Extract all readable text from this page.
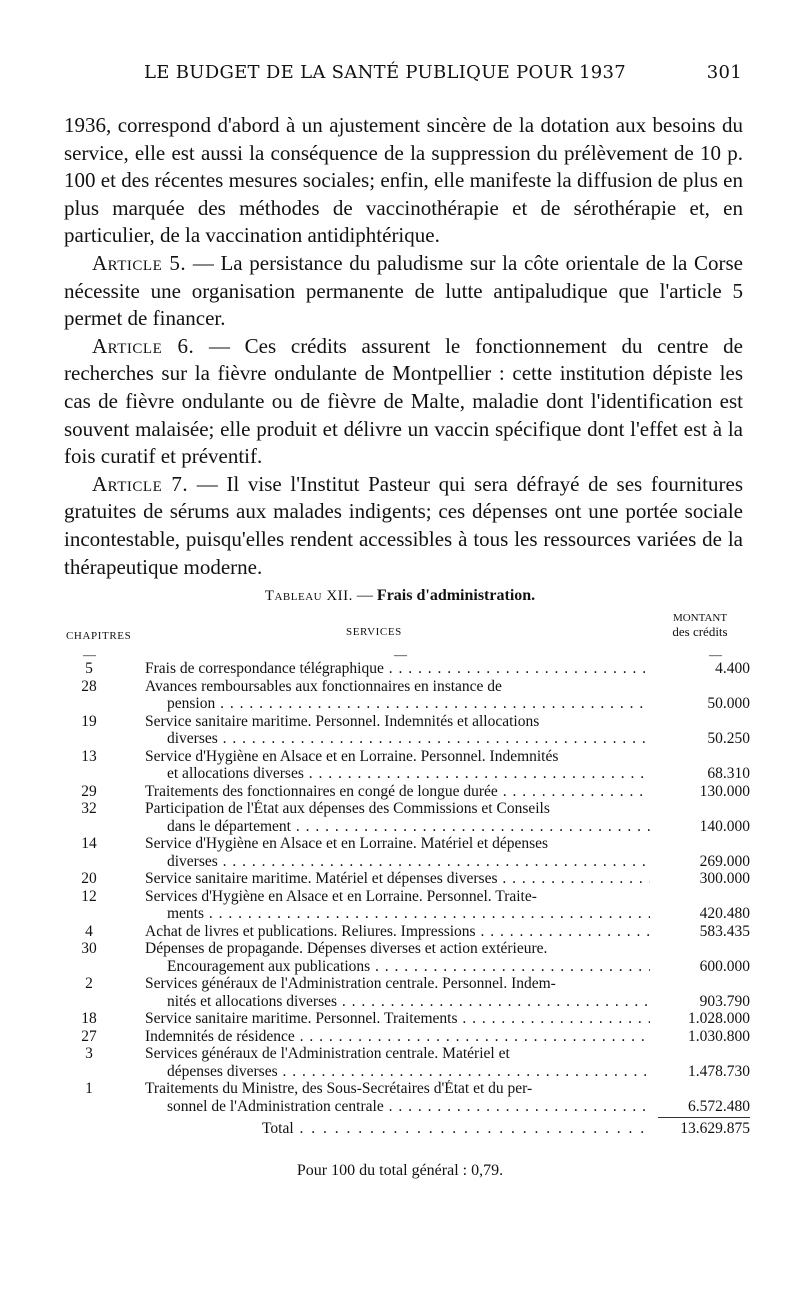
LE BUDGET DE LA SANTÉ PUBLIQUE POUR 1937	301

1936, correspond d'abord à un ajustement sincère de la dotation aux besoins du service, elle est aussi la conséquence de la suppression du prélèvement de 10 p. 100 et des récentes mesures sociales; enfin, elle manifeste la diffusion de plus en plus marquée des méthodes de vaccinothérapie et de sérothérapie et, en particulier, de la vaccination antidiphtérique.

Article 5. — La persistance du paludisme sur la côte orientale de la Corse nécessite une organisation permanente de lutte antipaludique que l'article 5 permet de financer.

Article 6. — Ces crédits assurent le fonctionnement du centre de recherches sur la fièvre ondulante de Montpellier : cette institution dépiste les cas de fièvre ondulante ou de fièvre de Malte, maladie dont l'identification est souvent malaisée; elle produit et délivre un vaccin spécifique dont l'effet est à la fois curatif et préventif.

Article 7. — Il vise l'Institut Pasteur qui sera défrayé de ses fournitures gratuites de sérums aux malades indigents; ces dépenses ont une portée sociale incontestable, puisqu'elles rendent accessibles à tous les ressources variées de la thérapeutique moderne.

Tableau XII. — Frais d'administration.
CHAPITRES	SERVICES
MONTANT
des crédits
—	—	—
5	Frais de correspondance télégraphique . . .	4.400
28	Avances remboursables aux fonctionnaires en instance de
pension . . .	50.000
19	Service sanitaire maritime. Personnel. Indemnités et allocations
diverses . . .	50.250
13	Service d'Hygiène en Alsace et en Lorraine. Personnel. Indemnités
et allocations diverses . . .	68.310
29	Traitements des fonctionnaires en congé de longue durée . . .	130.000
32	Participation de l'État aux dépenses des Commissions et Conseils
dans le département . . .	140.000
14	Service d'Hygiène en Alsace et en Lorraine. Matériel et dépenses
diverses . . .	269.000
20	Service sanitaire maritime. Matériel et dépenses diverses . . .	300.000
12	Services d'Hygiène en Alsace et en Lorraine. Personnel. Traite-
ments . . .	420.480
4	Achat de livres et publications. Reliures. Impressions . . .	583.435
30	Dépenses de propagande. Dépenses diverses et action extérieure.
Encouragement aux publications . . .	600.000
2	Services généraux de l'Administration centrale. Personnel. Indem-
nités et allocations diverses . . .	903.790
18	Service sanitaire maritime. Personnel. Traitements . . .	1.028.000
27	Indemnités de résidence . . .	1.030.800
3	Services généraux de l'Administration centrale. Matériel et
dépenses diverses . . .	1.478.730
1	Traitements du Ministre, des Sous-Secrétaires d'État et du per-
sonnel de l'Administration centrale . . .	6.572.480
Total . . .	13.629.875
Pour 100 du total général : 0,79.
